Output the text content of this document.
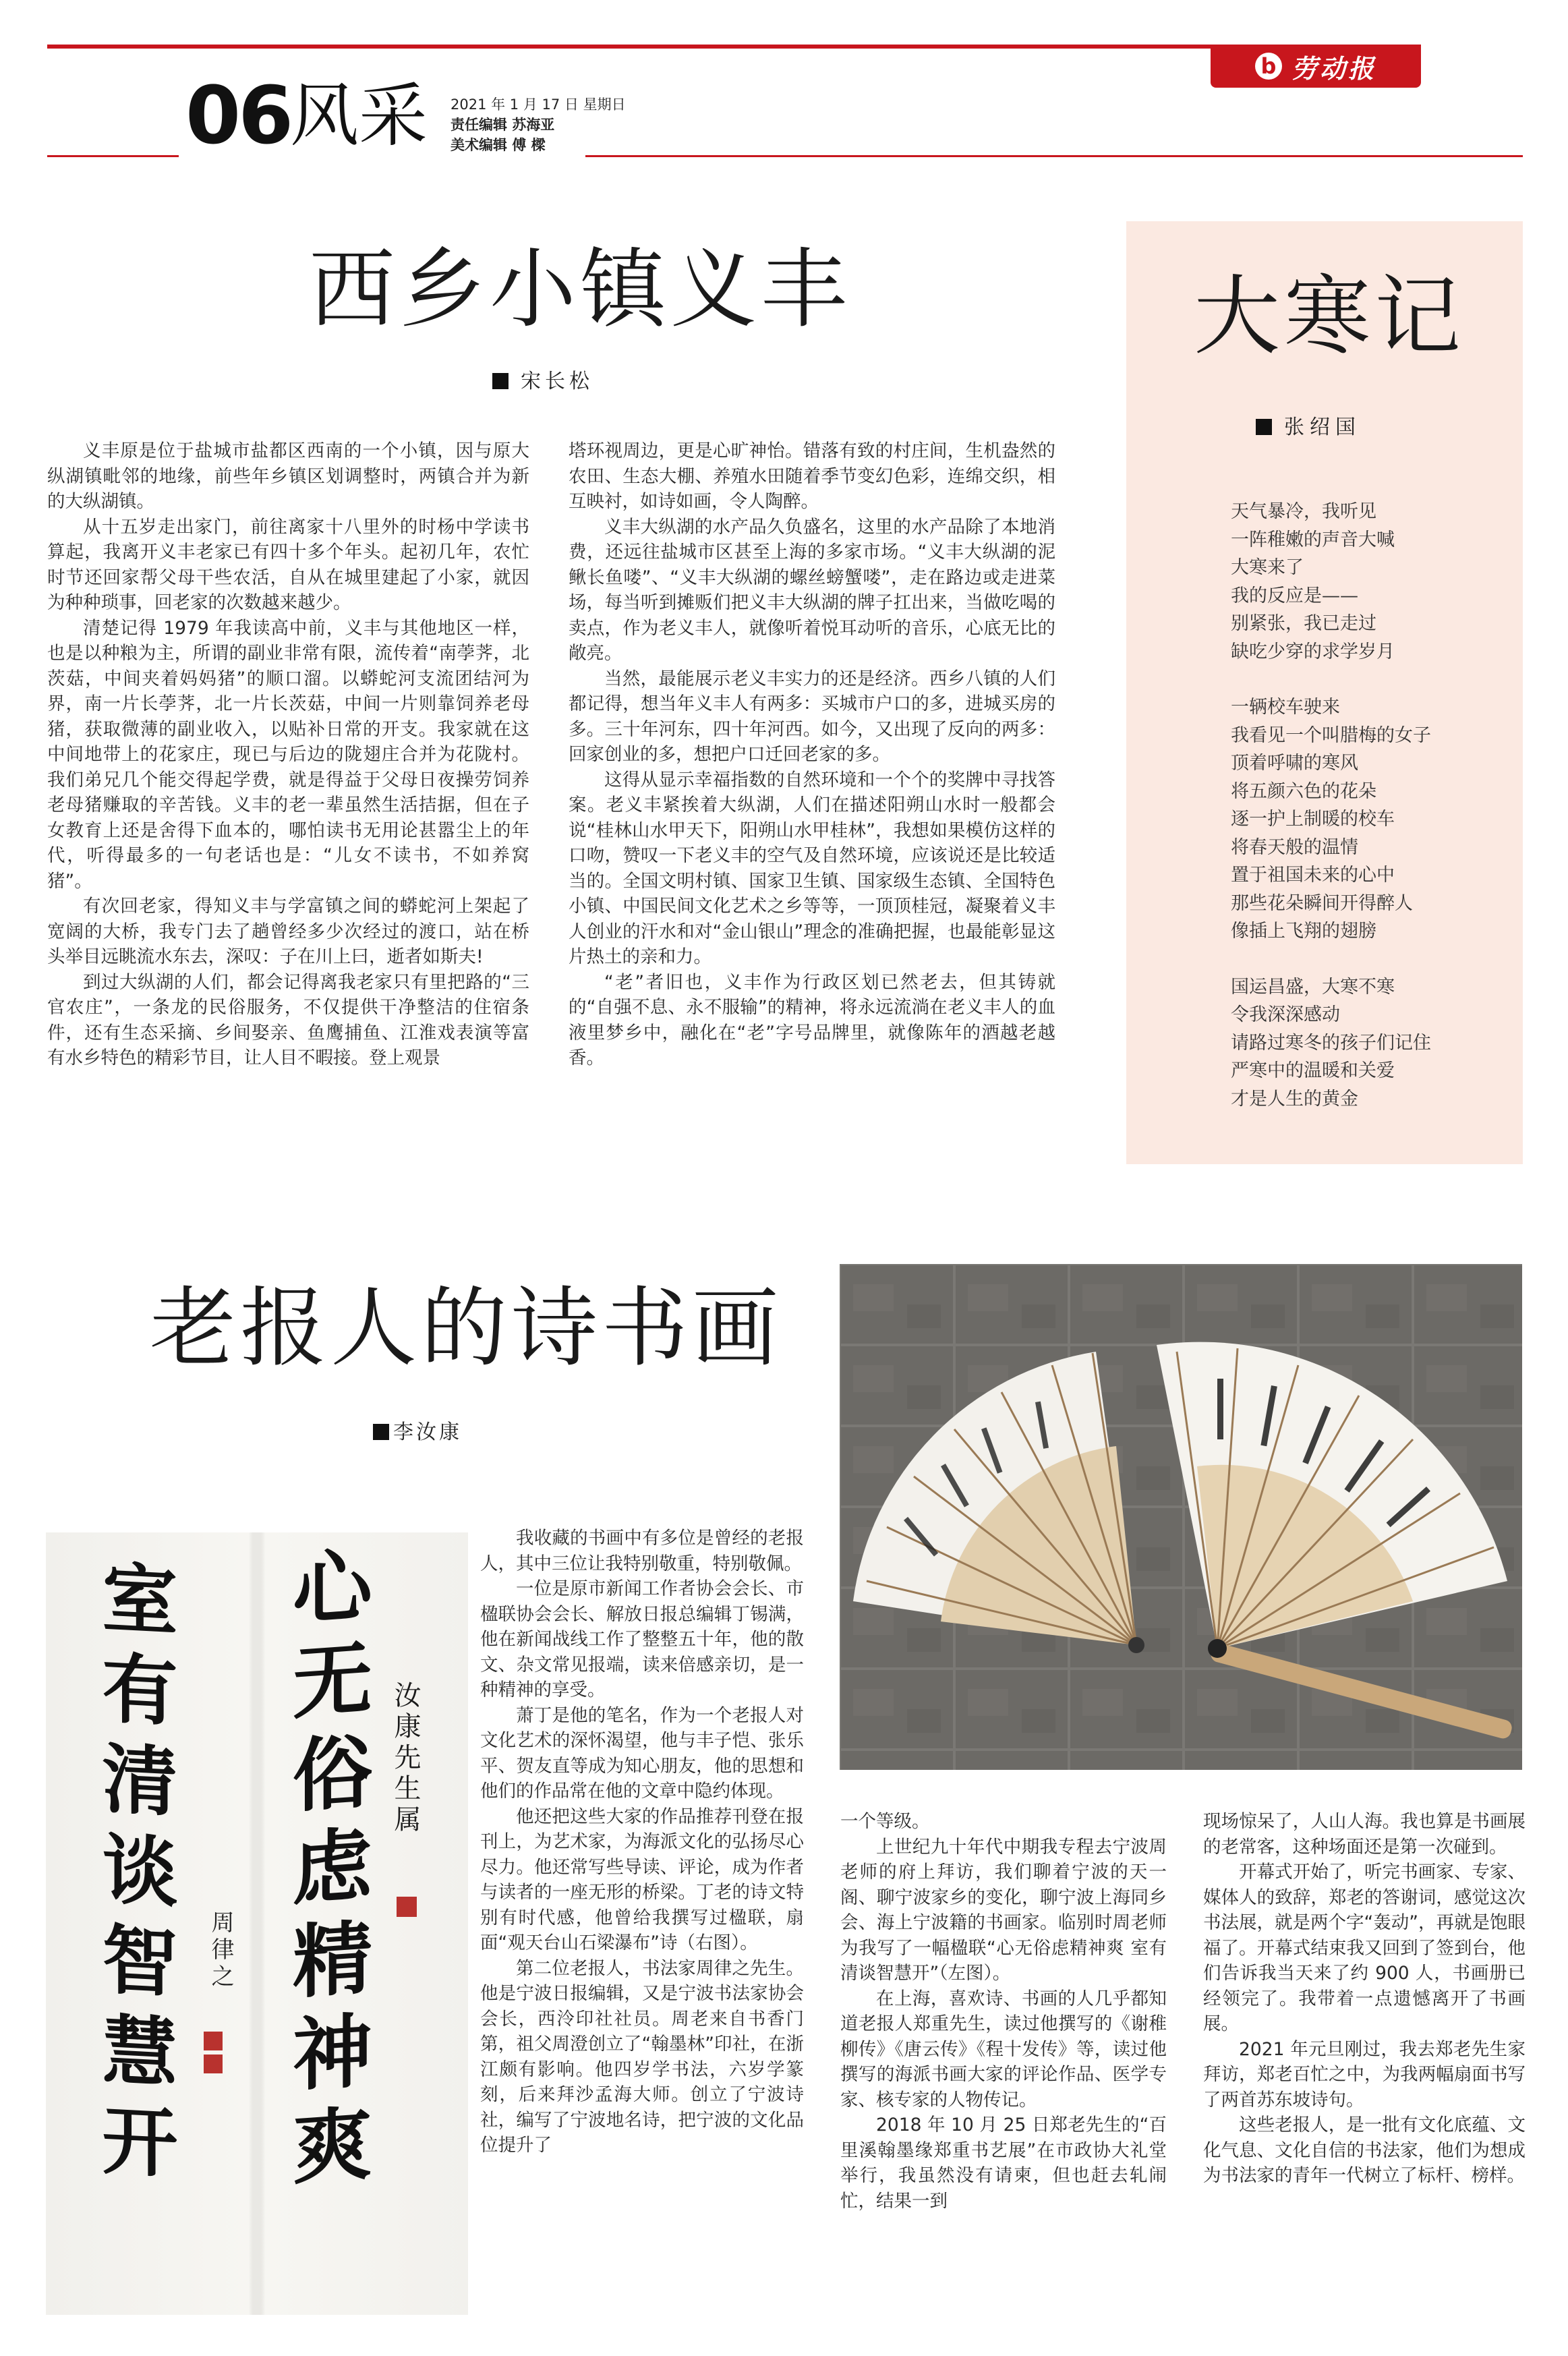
b 劳动报
06
风采 2021 年 1 月 17 日 星期日
责任编辑 苏海亚
美术编辑 傅 樑
西乡小镇义丰
宋长松

义丰原是位于盐城市盐都区西南的一个小镇，因与原大纵湖镇毗邻的地缘，前些年乡镇区划调整时，两镇合并为新的大纵湖镇。

从十五岁走出家门，前往离家十八里外的时杨中学读书算起，我离开义丰老家已有四十多个年头。起初几年，农忙时节还回家帮父母干些农活，自从在城里建起了小家，就因为种种琐事，回老家的次数越来越少。

清楚记得 1979 年我读高中前，义丰与其他地区一样，也是以种粮为主，所谓的副业非常有限，流传着“南荸荠，北茨菇，中间夹着妈妈猪”的顺口溜。以蟒蛇河支流团结河为界，南一片长荸荠，北一片长茨菇，中间一片则靠饲养老母猪，获取微薄的副业收入，以贴补日常的开支。我家就在这中间地带上的花家庄，现已与后边的陇翅庄合并为花陇村。我们弟兄几个能交得起学费，就是得益于父母日夜操劳饲养老母猪赚取的辛苦钱。义丰的老一辈虽然生活拮据，但在子女教育上还是舍得下血本的，哪怕读书无用论甚嚣尘上的年代，听得最多的一句老话也是：“儿女不读书，不如养窝猪”。

有次回老家，得知义丰与学富镇之间的蟒蛇河上架起了宽阔的大桥，我专门去了趟曾经多少次经过的渡口，站在桥头举目远眺流水东去，深叹：子在川上曰，逝者如斯夫!

到过大纵湖的人们，都会记得离我老家只有里把路的“三官农庄”，一条龙的民俗服务，不仅提供干净整洁的住宿条件，还有生态采摘、乡间娶亲、鱼鹰捕鱼、江淮戏表演等富有水乡特色的精彩节目，让人目不暇接。登上观景

塔环视周边，更是心旷神怡。错落有致的村庄间，生机盎然的农田、生态大棚、养殖水田随着季节变幻色彩，连绵交织，相互映衬，如诗如画，令人陶醉。

义丰大纵湖的水产品久负盛名，这里的水产品除了本地消费，还远往盐城市区甚至上海的多家市场。“义丰大纵湖的泥鳅长鱼喽”、“义丰大纵湖的螺丝螃蟹喽”，走在路边或走进菜场，每当听到摊贩们把义丰大纵湖的牌子扛出来，当做吃喝的卖点，作为老义丰人，就像听着悦耳动听的音乐，心底无比的敞亮。

当然，最能展示老义丰实力的还是经济。西乡八镇的人们都记得，想当年义丰人有两多：买城市户口的多，进城买房的多。三十年河东，四十年河西。如今，又出现了反向的两多：回家创业的多，想把户口迁回老家的多。

这得从显示幸福指数的自然环境和一个个的奖牌中寻找答案。老义丰紧挨着大纵湖，人们在描述阳朔山水时一般都会说“桂林山水甲天下，阳朔山水甲桂林”，我想如果模仿这样的口吻，赞叹一下老义丰的空气及自然环境，应该说还是比较适当的。全国文明村镇、国家卫生镇、国家级生态镇、全国特色小镇、中国民间文化艺术之乡等等，一顶顶桂冠，凝聚着义丰人创业的汗水和对“金山银山”理念的准确把握，也最能彰显这片热土的亲和力。

“老”者旧也，义丰作为行政区划已然老去，但其铸就的“自强不息、永不服输”的精神，将永远流淌在老义丰人的血液里梦乡中，融化在“老”字号品牌里，就像陈年的酒越老越香。

大寒记
张绍国
天气暴冷，我听见
一阵稚嫩的声音大喊
大寒来了
我的反应是——
别紧张，我已走过
缺吃少穿的求学岁月
一辆校车驶来
我看见一个叫腊梅的女子
顶着呼啸的寒风
将五颜六色的花朵
逐一护上制暖的校车
将春天般的温情
置于祖国未来的心中
那些花朵瞬间开得醉人
像插上飞翔的翅膀
国运昌盛，大寒不寒
令我深深感动
请路过寒冬的孩子们记住
严寒中的温暖和关爱
才是人生的黄金
老报人的诗书画
李汝康
心无俗虑精神爽 汝康先生属
室有清谈智慧开 周律之

我收藏的书画中有多位是曾经的老报人，其中三位让我特别敬重，特别敬佩。

一位是原市新闻工作者协会会长、市楹联协会会长、解放日报总编辑丁锡满，他在新闻战线工作了整整五十年，他的散文、杂文常见报端，读来倍感亲切，是一种精神的享受。

萧丁是他的笔名，作为一个老报人对文化艺术的深怀渴望，他与丰子恺、张乐平、贺友直等成为知心朋友，他的思想和他们的作品常在他的文章中隐约体现。

他还把这些大家的作品推荐刊登在报刊上，为艺术家，为海派文化的弘扬尽心尽力。他还常写些导读、评论，成为作者与读者的一座无形的桥梁。丁老的诗文特别有时代感，他曾给我撰写过楹联，扇面“观天台山石梁瀑布”诗（右图）。

第二位老报人，书法家周律之先生。他是宁波日报编辑，又是宁波书法家协会会长，西泠印社社员。周老来自书香门第，祖父周澄创立了“翰墨林”印社，在浙江颇有影响。他四岁学书法，六岁学篆刻，后来拜沙孟海大师。创立了宁波诗社，编写了宁波地名诗，把宁波的文化品位提升了

一个等级。

上世纪九十年代中期我专程去宁波周老师的府上拜访，我们聊着宁波的天一阁、聊宁波家乡的变化，聊宁波上海同乡会、海上宁波籍的书画家。临别时周老师为我写了一幅楹联“心无俗虑精神爽 室有清谈智慧开”（左图）。

在上海，喜欢诗、书画的人几乎都知道老报人郑重先生，读过他撰写的《谢稚柳传》《唐云传》《程十发传》等，读过他撰写的海派书画大家的评论作品、医学专家、核专家的人物传记。

2018 年 10 月 25 日郑老先生的“百里溪翰墨缘郑重书艺展”在市政协大礼堂举行，我虽然没有请柬，但也赶去轧闹忙，结果一到

现场惊呆了，人山人海。我也算是书画展的老常客，这种场面还是第一次碰到。

开幕式开始了，听完书画家、专家、媒体人的致辞，郑老的答谢词，感觉这次书法展，就是两个字“轰动”，再就是饱眼福了。开幕式结束我又回到了签到台，他们告诉我当天来了约 900 人，书画册已经领完了。我带着一点遗憾离开了书画展。

2021 年元旦刚过，我去郑老先生家拜访，郑老百忙之中，为我两幅扇面书写了两首苏东坡诗句。

这些老报人，是一批有文化底蕴、文化气息、文化自信的书法家，他们为想成为书法家的青年一代树立了标杆、榜样。
